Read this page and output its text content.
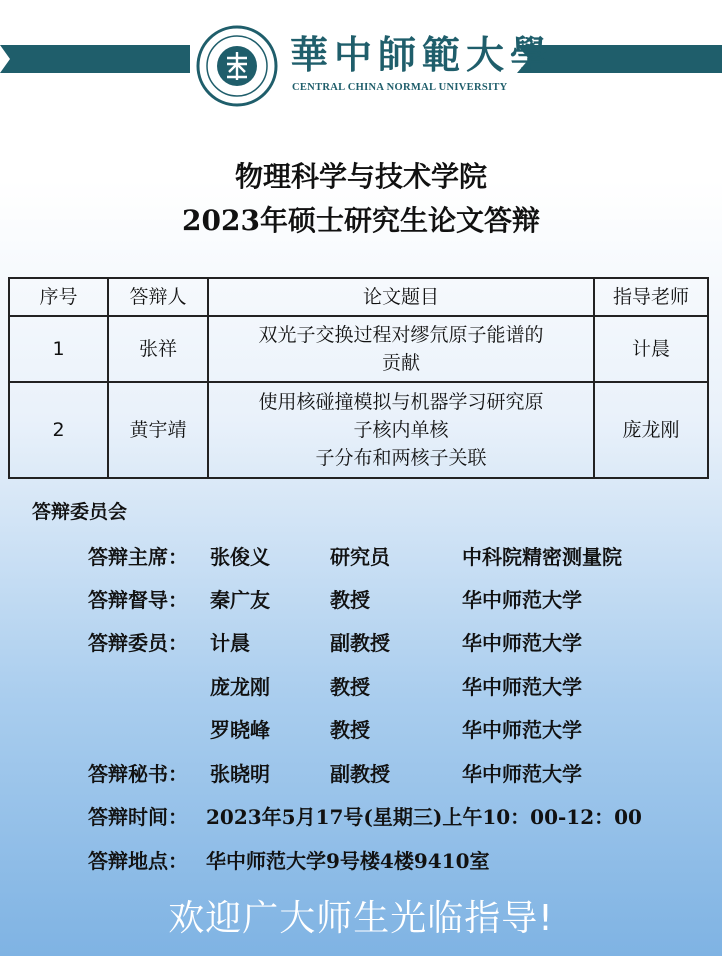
華中師範大學
CENTRAL CHINA NORMAL UNIVERSITY
物理科学与技术学院
2023年硕士研究生论文答辩
序号	答辩人	论文题目	指导老师
1	张祥	双光子交换过程对缪氘原子能谱的
贡献	计晨
2	黄宇靖	使用核碰撞模拟与机器学习研究原
子核内单核
子分布和两核子关联	庞龙刚
答辩委员会
答辩主席： 张俊义	研究员	中科院精密测量院
答辩督导： 秦广友	教授	华中师范大学
答辩委员： 计晨	副教授	华中师范大学
庞龙刚	教授	华中师范大学
罗晓峰	教授	华中师范大学
答辩秘书： 张晓明	副教授	华中师范大学
答辩时间： 2023年5月17号(星期三)上午10：00-12：00
答辩地点： 华中师范大学9号楼4楼9410室
欢迎广大师生光临指导!
